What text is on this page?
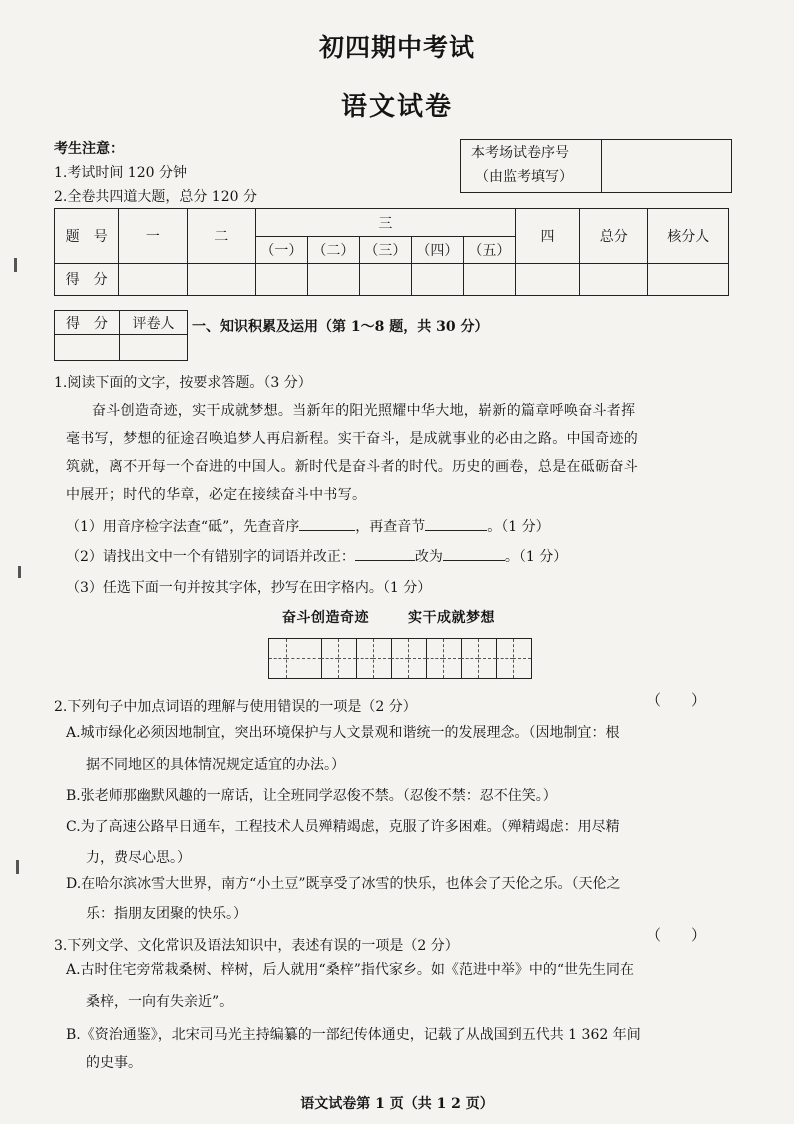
初四期中考试
语文试卷
考生注意：
1.考试时间 120 分钟
2.全卷共四道大题，总分 120 分
本考场试卷序号
（由监考填写）
题　号	一	二	三					四	总分	核分人
			（一）	（二）	（三）	（四）	（五）			
得　分										
得　分	评卷人
	一、知识积累及运用（第 1～8 题，共 30 分）
1.阅读下面的文字，按要求答题。（3 分）
奋斗创造奇迹，实干成就梦想。当新年的阳光照耀中华大地，崭新的篇章呼唤奋斗者挥
毫书写，梦想的征途召唤追梦人再启新程。实干奋斗，是成就事业的必由之路。中国奇迹的
筑就，离不开每一个奋进的中国人。新时代是奋斗者的时代。历史的画卷，总是在砥砺奋斗
中展开；时代的华章，必定在接续奋斗中书写。
（1）用音序检字法查“砥”，先查音序	，再查音节	。（1 分）
（2）请找出文中一个有错别字的词语并改正：	改为	。（1 分）
（3）任选下面一句并按其字体，抄写在田字格内。（1 分）
奋斗创造奇迹	实干成就梦想
2.下列句子中加点词语的理解与使用错误的一项是（2 分）	（　　）
A.城市绿化必须因地制宜，突出环境保护与人文景观和谐统一的发展理念。（因地制宜：根
据不同地区的具体情况规定适宜的办法。）
B.张老师那幽默风趣的一席话，让全班同学忍俊不禁。（忍俊不禁：忍不住笑。）
C.为了高速公路早日通车，工程技术人员殚精竭虑，克服了许多困难。（殚精竭虑：用尽精
力，费尽心思。）
D.在哈尔滨冰雪大世界，南方“小土豆”既享受了冰雪的快乐，也体会了天伦之乐。（天伦之
乐：指朋友团聚的快乐。）
3.下列文学、文化常识及语法知识中，表述有误的一项是（2 分）
（　　）
A.古时住宅旁常栽桑树、梓树，后人就用“桑梓”指代家乡。如《范进中举》中的“世先生同在
桑梓，一向有失亲近”。
B.《资治通鉴》，北宋司马光主持编纂的一部纪传体通史，记载了从战国到五代共 1 362 年间
的史事。
语文试卷第 1 页（共 1 2 页）
